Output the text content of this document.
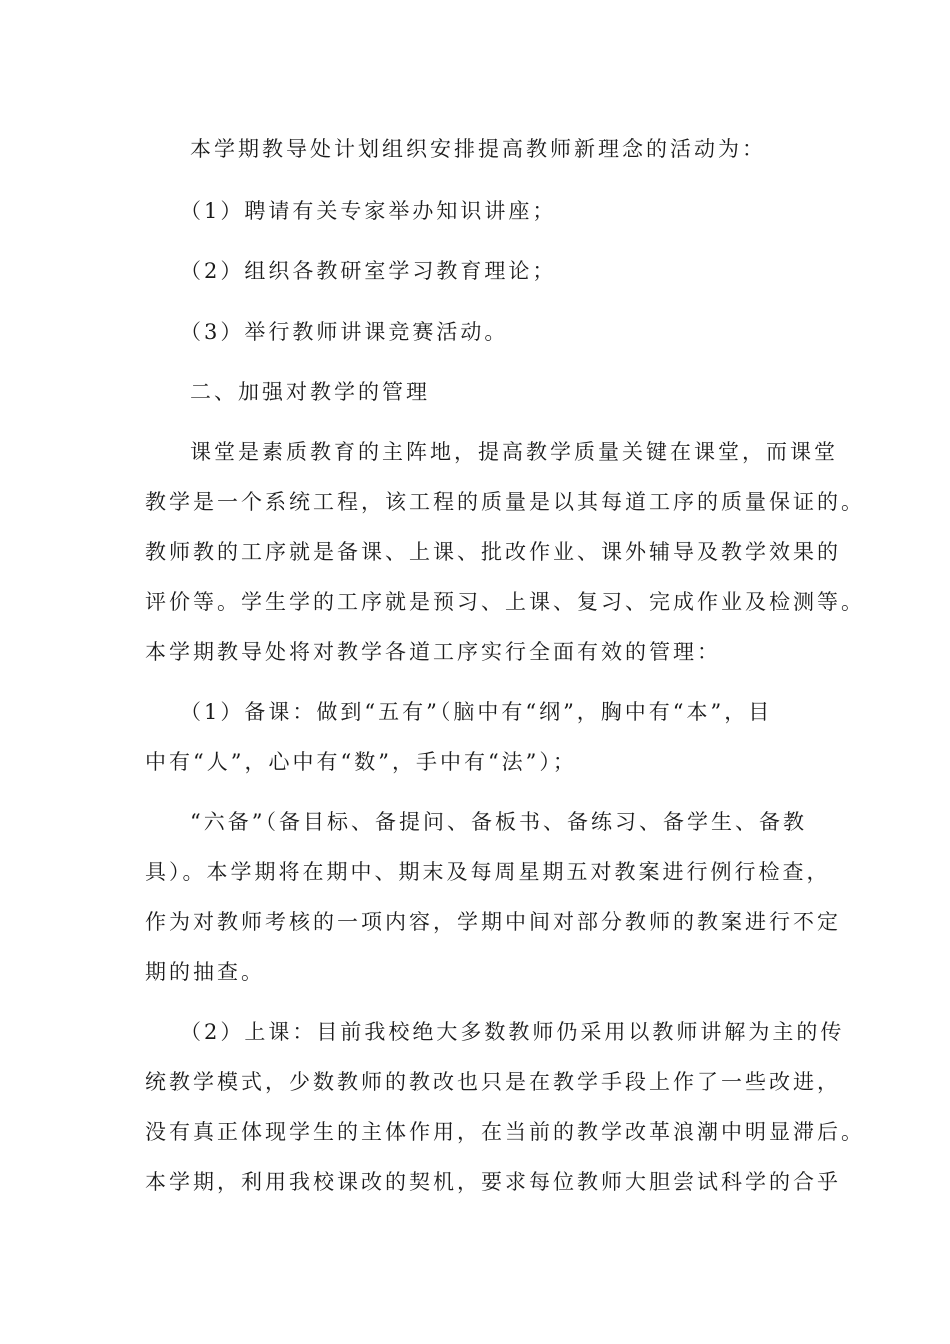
本学期教导处计划组织安排提高教师新理念的活动为：
（1）聘请有关专家举办知识讲座；
（2）组织各教研室学习教育理论；
（3）举行教师讲课竞赛活动。
二、加强对教学的管理
课堂是素质教育的主阵地，提高教学质量关键在课堂，而课堂
教学是一个系统工程，该工程的质量是以其每道工序的质量保证的。
教师教的工序就是备课、上课、批改作业、课外辅导及教学效果的
评价等。学生学的工序就是预习、上课、复习、完成作业及检测等。
本学期教导处将对教学各道工序实行全面有效的管理：
（1）备课：做到“五有”（脑中有“纲”，胸中有“本”，目
中有“人”，心中有“数”，手中有“法”）；
“六备”（备目标、备提问、备板书、备练习、备学生、备教
具）。本学期将在期中、期末及每周星期五对教案进行例行检查，
作为对教师考核的一项内容，学期中间对部分教师的教案进行不定
期的抽查。
（2）上课：目前我校绝大多数教师仍采用以教师讲解为主的传
统教学模式，少数教师的教改也只是在教学手段上作了一些改进，
没有真正体现学生的主体作用，在当前的教学改革浪潮中明显滞后。
本学期，利用我校课改的契机，要求每位教师大胆尝试科学的合乎
